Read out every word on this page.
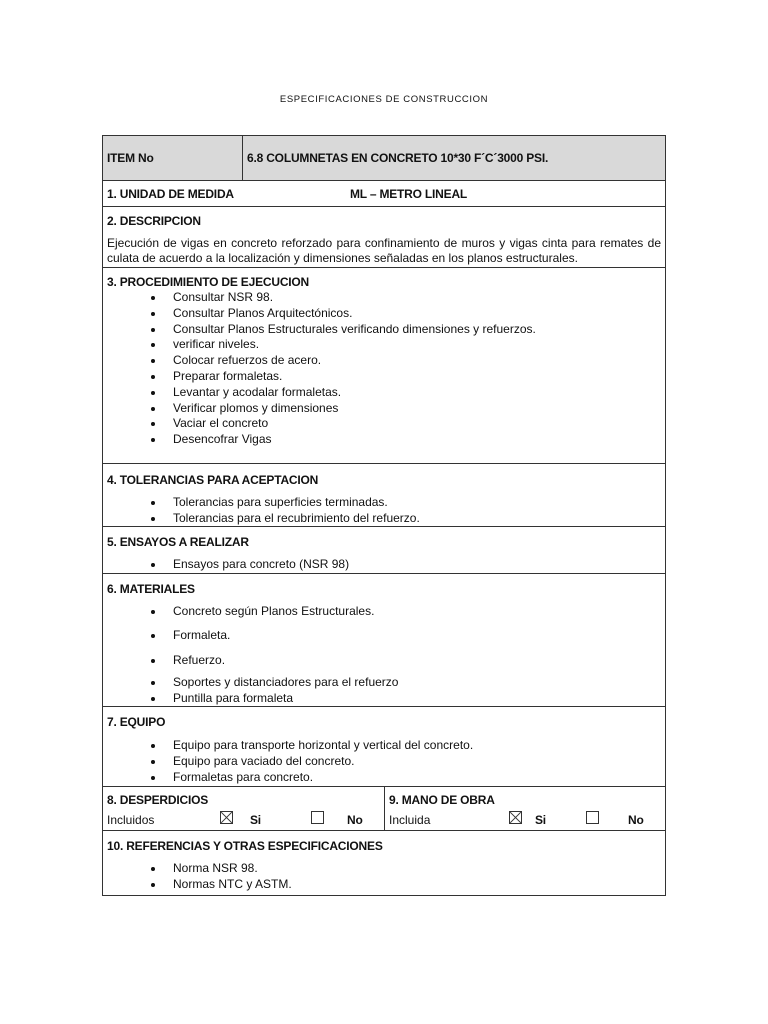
ESPECIFICACIONES DE CONSTRUCCION
ITEM No	6.8 COLUMNETAS EN CONCRETO 10*30 F´C´3000 PSI.
1. UNIDAD DE MEDIDA	ML – METRO LINEAL
2. DESCRIPCION
Ejecución de vigas en concreto reforzado para confinamiento de muros y vigas cinta para remates de culata de acuerdo a la localización y dimensiones señaladas en los planos estructurales.
3. PROCEDIMIENTO DE EJECUCION
Consultar NSR 98.
Consultar Planos Arquitectónicos.
Consultar Planos Estructurales verificando dimensiones y refuerzos.
verificar niveles.
Colocar refuerzos de acero.
Preparar formaletas.
Levantar y acodalar formaletas.
Verificar plomos y dimensiones
Vaciar el concreto
Desencofrar Vigas
4. TOLERANCIAS PARA ACEPTACION
Tolerancias para superficies terminadas.
Tolerancias para el recubrimiento del refuerzo.
5. ENSAYOS A REALIZAR
Ensayos para concreto (NSR 98)
6. MATERIALES
Concreto según Planos Estructurales.
Formaleta.
Refuerzo.
Soportes y distanciadores para el refuerzo
Puntilla para formaleta
7. EQUIPO
Equipo para transporte horizontal y vertical del concreto.
Equipo para vaciado del concreto.
Formaletas para concreto.
8. DESPERDICIOS
Incluidos	Si	No
9. MANO DE OBRA
Incluida	Si	No
10. REFERENCIAS Y OTRAS ESPECIFICACIONES
Norma NSR 98.
Normas NTC y ASTM.
